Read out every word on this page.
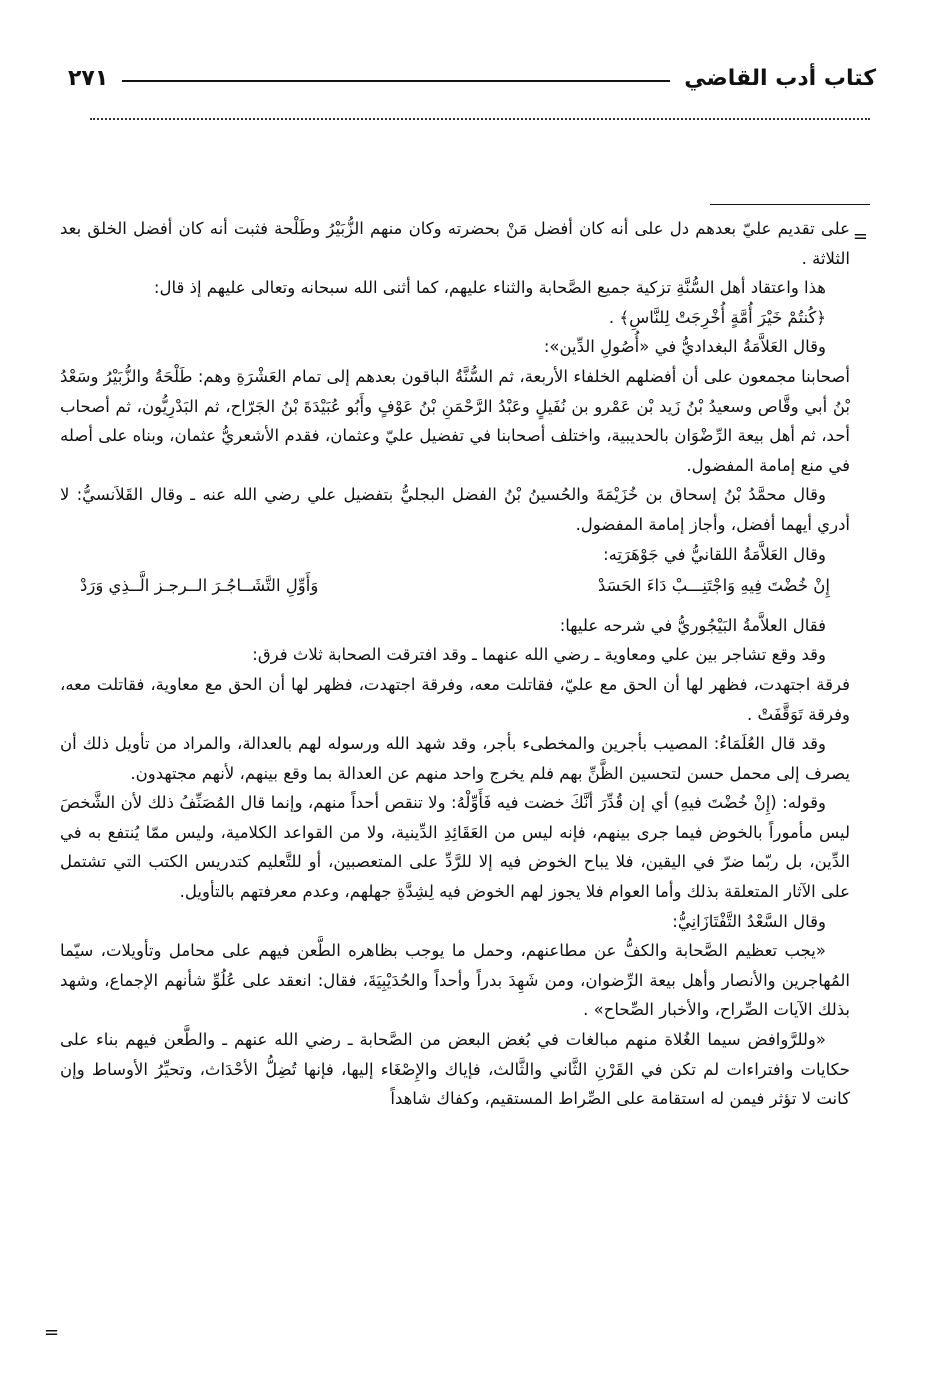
كتاب أدب القاضي
٢٧١
=

على تقديم عليّ بعدهم دل على أنه كان أفضل مَنْ بحضرته وكان منهم الزُّبَيْرُ وطَلْحة فثبت أنه كان أفضل الخلق بعد الثلاثة .

هذا واعتقاد أهل السُّنَّةِ تزكية جميع الصَّحابة والثناء عليهم، كما أثنى الله سبحانه وتعالى عليهم إذ قال:

﴿كُنتُمْ خَيْرَ أُمَّةٍ أُخْرِجَتْ لِلنَّاسِ﴾ .

وقال العَلاَّمَةُ البغداديُّ في «أُصُولِ الدِّين»:

أصحابنا مجمعون على أن أفضلهم الخلفاء الأربعة، ثم السُّنَّةُ الباقون بعدهم إلى تمام العَشْرَةِ وهم: طَلْحَةُ والزُّبَيْرُ وسَعْدُ بْنُ أبي وقَّاص وسعيدُ بْنُ زَيد بْن عَمْرو بن نُفَيلٍ وعَبْدُ الرَّحْمَنِ بْنُ عَوْفٍ وأَبُو عُبَيْدَةَ بْنُ الجَرّاح، ثم البَدْرِيُّون، ثم أصحاب أحد، ثم أهل بيعة الرِّضْوَان بالحديبية، واختلف أصحابنا في تفضيل عليّ وعثمان، فقدم الأشعريُّ عثمان، وبناه على أصله في منع إمامة المفضول.

وقال محمَّدُ بْنُ إسحاق بن خُزَيْمَةَ والحُسينُ بْنُ الفضل البجليُّ بتفضيل علي رضي الله عنه ـ وقال القَلاَنسيُّ: لا أدري أيهما أفضل، وأجاز إمامة المفضول.

وقال العَلاَّمَةُ اللقانيُّ في جَوْهَرَتِه:

إِنْ خُضْتَ فِيهِ وَاجْتَنِـــبْ دَاءَ الحَسَدْ
وَأَوِّلِ التَّشَــاجُـرَ الــرجـز الَّــذِي وَرَدْ

فقال العلاَّمةُ البَيْجُوريُّ في شرحه عليها:

وقد وقع تشاجر بين علي ومعاوية ـ رضي الله عنهما ـ وقد افترقت الصحابة ثلاث فرق:

فرقة اجتهدت، فظهر لها أن الحق مع عليّ، فقاتلت معه، وفرقة اجتهدت، فظهر لها أن الحق مع معاوية، فقاتلت معه، وفرقة تَوَقَّفَتْ .

وقد قال العُلَمَاءُ: المصيب بأجرين والمخطىء بأجر، وقد شهد الله ورسوله لهم بالعدالة، والمراد من تأويل ذلك أن يصرف إلى محمل حسن لتحسين الظَّنِّ بهم فلم يخرج واحد منهم عن العدالة بما وقع بينهم، لأنهم مجتهدون.

وقوله: (إِنْ خُضْتَ فيهِ) أي إن قُدِّرَ أنَّكَ خضت فيه فَأَوِّلْهُ: ولا تنقص أحداً منهم، وإنما قال المُصَنِّفُ ذلك لأن الشَّخصَ ليس مأموراً بالخوض فيما جرى بينهم، فإنه ليس من العَقَائِدِ الدِّينية، ولا من القواعد الكلامية، وليس ممّا يُنتفع به في الدِّين، بل ربّما ضرّ في اليقين، فلا يباح الخوض فيه إلا للرَّدِّ على المتعصبين، أو للتَّعليم كتدريس الكتب التي تشتمل على الآثار المتعلقة بذلك وأما العوام فلا يجوز لهم الخوض فيه لِشِدَّةِ جهلهم، وعدم معرفتهم بالتأويل.

وقال السَّعْدُ التَّفْتَازَانِيُّ:

«يجب تعظيم الصَّحابة والكفُّ عن مطاعنهم، وحمل ما يوجب بظاهره الطَّعن فيهم على محامل وتأويلات، سيّما المُهاجرين والأنصار وأهل بيعة الرِّضوان، ومن شَهِدَ بدراً وأحداً والحُدَيْبِيَةَ، فقال: انعقد على عُلُوِّ شأنهم الإجماع، وشهد بذلك الآيات الصِّراح، والأخبار الصِّحاح» .

«وللرَّوافض سيما الغُلاة منهم مبالغات في بُغض البعض من الصَّحابة ـ رضي الله عنهم ـ والطَّعن فيهم بناء على حكايات وافتراءات لم تكن في القَرْنِ الثَّاني والثَّالث، فإياك والإِصْغَاء إليها، فإنها تُضِلُّ الأحْدَاث، وتحيِّرُ الأوساط وإن كانت لا تؤثر فيمن له استقامة على الصِّراط المستقيم، وكفاك شاهداً

=
